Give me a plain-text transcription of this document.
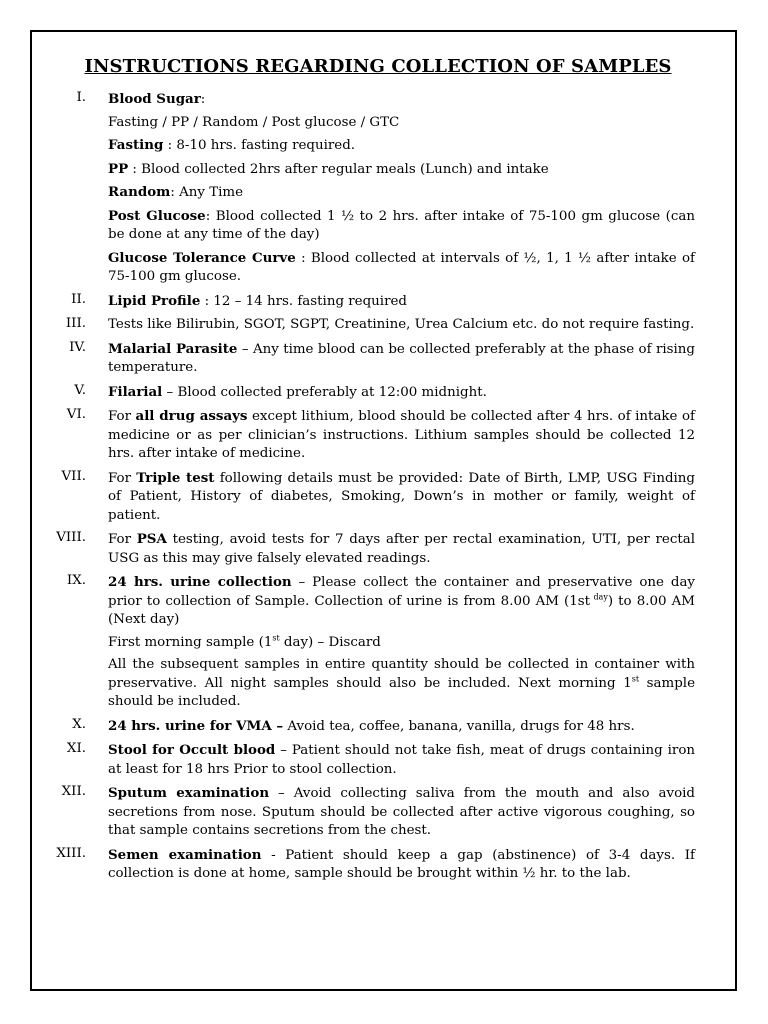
INSTRUCTIONS REGARDING COLLECTION OF SAMPLES
I. Blood Sugar:
Fasting / PP / Random / Post glucose / GTC
Fasting : 8-10 hrs. fasting required.
PP : Blood collected 2hrs after regular meals (Lunch) and intake
Random: Any Time
Post Glucose: Blood collected 1 ½ to 2 hrs. after intake of 75-100 gm glucose (can be done at any time of the day)
Glucose Tolerance Curve : Blood collected at intervals of ½, 1, 1 ½ after intake of 75-100 gm glucose.
II. Lipid Profile : 12 – 14 hrs. fasting required
III. Tests like Bilirubin, SGOT, SGPT, Creatinine, Urea Calcium etc. do not require fasting.
IV. Malarial Parasite – Any time blood can be collected preferably at the phase of rising temperature.
V. Filarial – Blood collected preferably at 12:00 midnight.
VI. For all drug assays except lithium, blood should be collected after 4 hrs. of intake of medicine or as per clinician’s instructions. Lithium samples should be collected 12 hrs. after intake of medicine.
VII. For Triple test following details must be provided: Date of Birth, LMP, USG Finding of Patient, History of diabetes, Smoking, Down’s in mother or family, weight of patient.
VIII. For PSA testing, avoid tests for 7 days after per rectal examination, UTI, per rectal USG as this may give falsely elevated readings.
IX. 24 hrs. urine collection – Please collect the container and preservative one day prior to collection of Sample. Collection of urine is from 8.00 AM (1st $^{day}$) to 8.00 AM (Next day)
First morning sample (1st day) – Discard
All the subsequent samples in entire quantity should be collected in container with preservative. All night samples should also be included. Next morning 1st sample should be included.
X. 24 hrs. urine for VMA – Avoid tea, coffee, banana, vanilla, drugs for 48 hrs.
XI. Stool for Occult blood – Patient should not take fish, meat of drugs containing iron at least for 18 hrs Prior to stool collection.
XII. Sputum examination – Avoid collecting saliva from the mouth and also avoid secretions from nose. Sputum should be collected after active vigorous coughing, so that sample contains secretions from the chest.
XIII. Semen examination - Patient should keep a gap (abstinence) of 3-4 days. If collection is done at home, sample should be brought within ½ hr. to the lab.
